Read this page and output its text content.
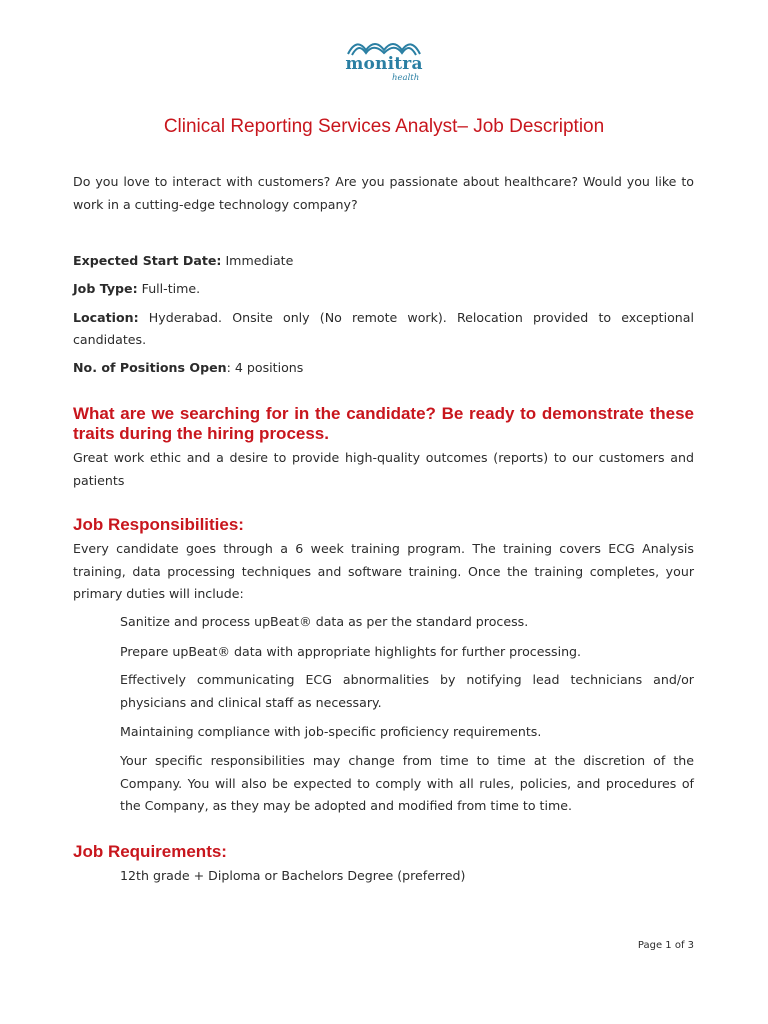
monitra
health
Clinical Reporting Services Analyst– Job Description
Do you love to interact with customers? Are you passionate about healthcare? Would you like to work in a cutting-edge technology company?
Expected Start Date: Immediate
Job Type: Full-time.
Location: Hyderabad. Onsite only (No remote work). Relocation provided to exceptional candidates.
No. of Positions Open: 4 positions
What are we searching for in the candidate? Be ready to demonstrate these traits during the hiring process.
Great work ethic and a desire to provide high-quality outcomes (reports) to our customers and patients
Job Responsibilities:
Every candidate goes through a 6 week training program. The training covers ECG Analysis training, data processing techniques and software training. Once the training completes, your primary duties will include:
Sanitize and process upBeat® data as per the standard process.
Prepare upBeat® data with appropriate highlights for further processing.
Effectively communicating ECG abnormalities by notifying lead technicians and/or physicians and clinical staff as necessary.
Maintaining compliance with job-specific proficiency requirements.
Your specific responsibilities may change from time to time at the discretion of the Company. You will also be expected to comply with all rules, policies, and procedures of the Company, as they may be adopted and modified from time to time.
Job Requirements:
12th grade + Diploma or Bachelors Degree (preferred)
Page 1 of 3
